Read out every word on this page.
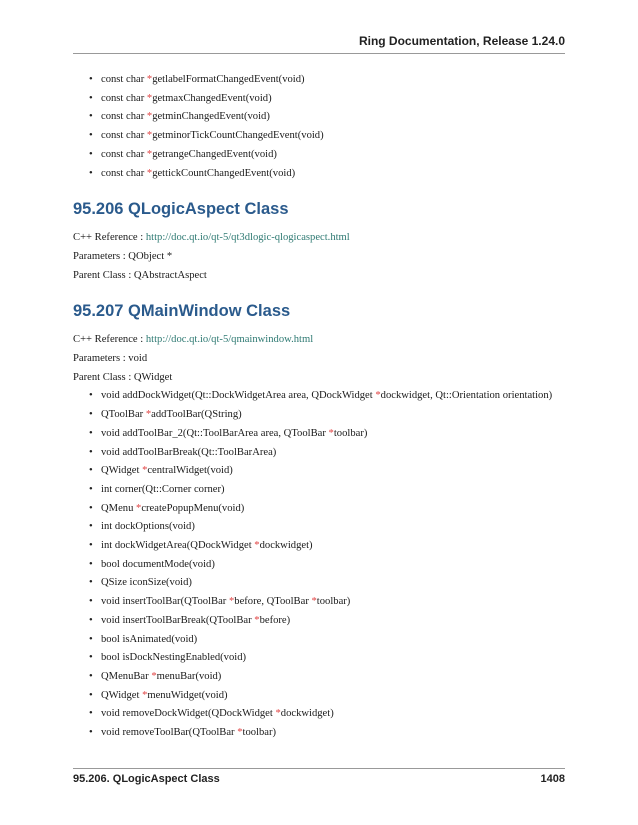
Ring Documentation, Release 1.24.0
• const char *getlabelFormatChangedEvent(void)
• const char *getmaxChangedEvent(void)
• const char *getminChangedEvent(void)
• const char *getminorTickCountChangedEvent(void)
• const char *getrangeChangedEvent(void)
• const char *gettickCountChangedEvent(void)
95.206 QLogicAspect Class

C++ Reference : http://doc.qt.io/qt-5/qt3dlogic-qlogicaspect.html

Parameters : QObject *

Parent Class : QAbstractAspect

95.207 QMainWindow Class

C++ Reference : http://doc.qt.io/qt-5/qmainwindow.html

Parameters : void

Parent Class : QWidget

• void addDockWidget(Qt::DockWidgetArea area, QDockWidget *dockwidget, Qt::Orientation orientation)
• QToolBar *addToolBar(QString)
• void addToolBar_2(Qt::ToolBarArea area, QToolBar *toolbar)
• void addToolBarBreak(Qt::ToolBarArea)
• QWidget *centralWidget(void)
• int corner(Qt::Corner corner)
• QMenu *createPopupMenu(void)
• int dockOptions(void)
• int dockWidgetArea(QDockWidget *dockwidget)
• bool documentMode(void)
• QSize iconSize(void)
• void insertToolBar(QToolBar *before, QToolBar *toolbar)
• void insertToolBarBreak(QToolBar *before)
• bool isAnimated(void)
• bool isDockNestingEnabled(void)
• QMenuBar *menuBar(void)
• QWidget *menuWidget(void)
• void removeDockWidget(QDockWidget *dockwidget)
• void removeToolBar(QToolBar *toolbar)
95.206. QLogicAspect Class	1408
